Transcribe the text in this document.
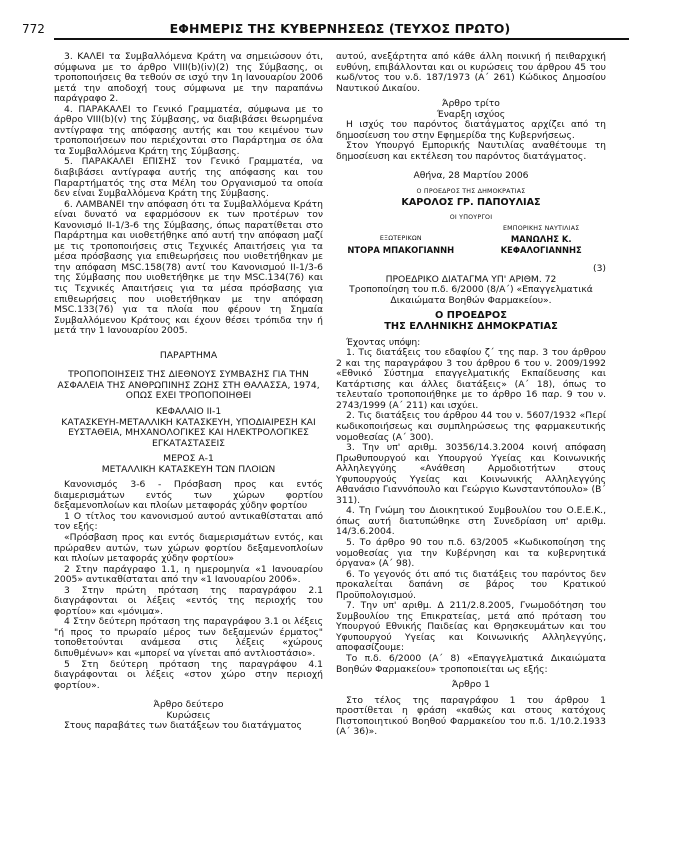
772	ΕΦΗΜΕΡΙΣ ΤΗΣ ΚΥΒΕΡΝΗΣΕΩΣ (ΤΕΥΧΟΣ ΠΡΩΤΟ)

3. ΚΑΛΕΙ τα Συμβαλλόμενα Κράτη να σημειώσουν ότι, σύμφωνα με το άρθρο VIII(b)(iv)(2) της Σύμβασης, οι τροποποιήσεις θα τεθούν σε ισχύ την 1η Ιανουαρίου 2006 μετά την αποδοχή τους σύμφωνα με την παραπάνω παράγραφο 2.

4. ΠΑΡΑΚΑΛΕΙ το Γενικό Γραμματέα, σύμφωνα με το άρθρο VIII(b)(v) της Σύμβασης, να διαβιβάσει θεωρημένα αντίγραφα της απόφασης αυτής και του κειμένου των τροποποιήσεων που περιέχονται στο Παράρτημα σε όλα τα Συμβαλλόμενα Κράτη της Σύμβασης.

5. ΠΑΡΑΚΑΛΕΙ ΕΠΙΣΗΣ τον Γενικό Γραμματέα, να διαβιβάσει αντίγραφα αυτής της απόφασης και του Παραρτήματός της στα Μέλη του Οργανισμού τα οποία δεν είναι Συμβαλλόμενα Κράτη της Σύμβασης.

6. ΛΑΜΒΑΝΕΙ την απόφαση ότι τα Συμβαλλόμενα Κράτη είναι δυνατό να εφαρμόσουν εκ των προτέρων τον Κανονισμό II-1/3-6 της Σύμβασης, όπως παρατίθεται στο Παράρτημα και υιοθετήθηκε από αυτή την απόφαση μαζί με τις τροποποιήσεις στις Τεχνικές Απαιτήσεις για τα μέσα πρόσβασης για επιθεωρήσεις που υιοθετήθηκαν με την απόφαση MSC.158(78) αντί του Κανονισμού II-1/3-6 της Σύμβασης που υιοθετήθηκε με την MSC.134(76) και τις Τεχνικές Απαιτήσεις για τα μέσα πρόσβασης για επιθεωρήσεις που υιοθετήθηκαν με την απόφαση MSC.133(76) για τα πλοία που φέρουν τη Σημαία Συμβαλλόμενου Κράτους και έχουν θέσει τρόπιδα την ή μετά την 1 Ιανουαρίου 2005.

ΠΑΡΑΡΤΗΜΑ

ΤΡΟΠΟΠΟΙΗΣΕΙΣ ΤΗΣ ΔΙΕΘΝΟΥΣ ΣΥΜΒΑΣΗΣ ΓΙΑ ΤΗΝ ΑΣΦΑΛΕΙΑ ΤΗΣ ΑΝΘΡΩΠΙΝΗΣ ΖΩΗΣ ΣΤΗ ΘΑΛΑΣΣΑ, 1974, ΟΠΩΣ ΕΧΕΙ ΤΡΟΠΟΠΟΙΗΘΕΙ

ΚΕΦΑΛΑΙΟ II-1

ΚΑΤΑΣΚΕΥΗ-ΜΕΤΑΛΛΙΚΗ ΚΑΤΑΣΚΕΥΗ, ΥΠΟΔΙΑΙΡΕΣΗ ΚΑΙ ΕΥΣΤΑΘΕΙΑ, ΜΗΧΑΝΟΛΟΓΙΚΕΣ ΚΑΙ ΗΛΕΚΤΡΟΛΟΓΙΚΕΣ ΕΓΚΑΤΑΣΤΑΣΕΙΣ

ΜΕΡΟΣ Α-1

ΜΕΤΑΛΛΙΚΗ ΚΑΤΑΣΚΕΥΗ ΤΩΝ ΠΛΟΙΩΝ

Κανονισμός 3-6 - Πρόσβαση προς και εντός διαμερισμάτων εντός των χώρων φορτίου δεξαμενοπλοίων και πλοίων μεταφοράς χύδην φορτίου

1 Ο τίτλος του κανονισμού αυτού αντικαθίσταται από τον εξής:

«Πρόσβαση προς και εντός διαμερισμάτων εντός, και πρώραθεν αυτών, των χώρων φορτίου δεξαμενοπλοίων και πλοίων μεταφοράς χύδην φορτίου»

2 Στην παράγραφο 1.1, η ημερομηνία «1 Ιανουαρίου 2005» αντικαθίσταται από την «1 Ιανουαρίου 2006».

3 Στην πρώτη πρόταση της παραγράφου 2.1 διαγράφονται οι λέξεις «εντός της περιοχής του φορτίου» και «μόνιμα».

4 Στην δεύτερη πρόταση της παραγράφου 3.1 οι λέξεις "ή προς το πρωραίο μέρος των δεξαμενών έρματος" τοποθετούνται ανάμεσα στις λέξεις «χώρους διπυθμένων» και «μπορεί να γίνεται από αντλιοστάσιο».

5 Στη δεύτερη πρόταση της παραγράφου 4.1 διαγράφονται οι λέξεις «στον χώρο στην περιοχή φορτίου».

Άρθρο δεύτερο

Κυρώσεις

Στους παραβάτες των διατάξεων του διατάγματος

αυτού, ανεξάρτητα από κάθε άλλη ποινική ή πειθαρχική ευθύνη, επιβάλλονται και οι κυρώσεις του άρθρου 45 του κωδ/ντος του ν.δ. 187/1973 (Α΄ 261) Κώδικος Δημοσίου Ναυτικού Δικαίου.

Άρθρο τρίτο

Έναρξη ισχύος

Η ισχύς του παρόντος διατάγματος αρχίζει από τη δημοσίευση του στην Εφημερίδα της Κυβερνήσεως.

Στον Υπουργό Εμπορικής Ναυτιλίας αναθέτουμε τη δημοσίευση και εκτέλεση του παρόντος διατάγματος.

Αθήνα, 28 Μαρτίου 2006

Ο ΠΡΟΕΔΡΟΣ ΤΗΣ ΔΗΜΟΚΡΑΤΙΑΣ

ΚΑΡΟΛΟΣ ΓΡ. ΠΑΠΟΥΛΙΑΣ

ΟΙ ΥΠΟΥΡΓΟΙ

ΕΞΩΤΕΡΙΚΩΝ
ΝΤΟΡΑ ΜΠΑΚΟΓΙΑΝΝΗ
ΕΜΠΟΡΙΚΗΣ ΝΑΥΤΙΛΙΑΣ
ΜΑΝΩΛΗΣ Κ. ΚΕΦΑΛΟΓΙΑΝΝΗΣ

(3)

ΠΡΟΕΔΡΙΚΟ ΔΙΑΤΑΓΜΑ ΥΠ' ΑΡΙΘΜ. 72

Τροποποίηση του π.δ. 6/2000 (8/Α΄) «Επαγγελματικά Δικαιώματα Βοηθών Φαρμακείου».

Ο ΠΡΟΕΔΡΟΣ

ΤΗΣ ΕΛΛΗΝΙΚΗΣ ΔΗΜΟΚΡΑΤΙΑΣ

Έχοντας υπόψη:

1. Τις διατάξεις του εδαφίου ζ΄ της παρ. 3 του άρθρου 2 και της παραγράφου 3 του άρθρου 6 του ν. 2009/1992 «Εθνικό Σύστημα επαγγελματικής Εκπαίδευσης και Κατάρτισης και άλλες διατάξεις» (Α΄ 18), όπως το τελευταίο τροποποιήθηκε με το άρθρο 16 παρ. 9 του ν. 2743/1999 (Α΄ 211) και ισχύει.

2. Τις διατάξεις του άρθρου 44 του ν. 5607/1932 «Περί κωδικοποιήσεως και συμπληρώσεως της φαρμακευτικής νομοθεσίας (Α΄ 300).

3. Την υπ' αριθμ. 30356/14.3.2004 κοινή απόφαση Πρωθυπουργού και Υπουργού Υγείας και Κοινωνικής Αλληλεγγύης «Ανάθεση Αρμοδιοτήτων στους Υφυπουργούς Υγείας και Κοινωνικής Αλληλεγγύης Αθανάσιο Γιαννόπουλο και Γεώργιο Κωνσταντόπουλο» (Β΄ 311).

4. Τη Γνώμη του Διοικητικού Συμβουλίου του Ο.Ε.Ε.Κ., όπως αυτή διατυπώθηκε στη Συνεδρίαση υπ' αριθμ. 14/3.6.2004.

5. Το άρθρο 90 του π.δ. 63/2005 «Κωδικοποίηση της νομοθεσίας για την Κυβέρνηση και τα κυβερνητικά όργανα» (Α΄ 98).

6. Το γεγονός ότι από τις διατάξεις του παρόντος δεν προκαλείται δαπάνη σε βάρος του Κρατικού Προϋπολογισμού.

7. Την υπ' αριθμ. Δ 211/2.8.2005, Γνωμοδότηση του Συμβουλίου της Επικρατείας, μετά από πρόταση του Υπουργού Εθνικής Παιδείας και Θρησκευμάτων και του Υφυπουργού Υγείας και Κοινωνικής Αλληλεγγύης, αποφασίζουμε:

Το π.δ. 6/2000 (Α΄ 8) «Επαγγελματικά Δικαιώματα Βοηθών Φαρμακείου» τροποποιείται ως εξής:

Άρθρο 1

Στο τέλος της παραγράφου 1 του άρθρου 1 προστίθεται η φράση «καθώς και στους κατόχους Πιστοποιητικού Βοηθού Φαρμακείου του π.δ. 1/10.2.1933 (Α΄ 36)».
